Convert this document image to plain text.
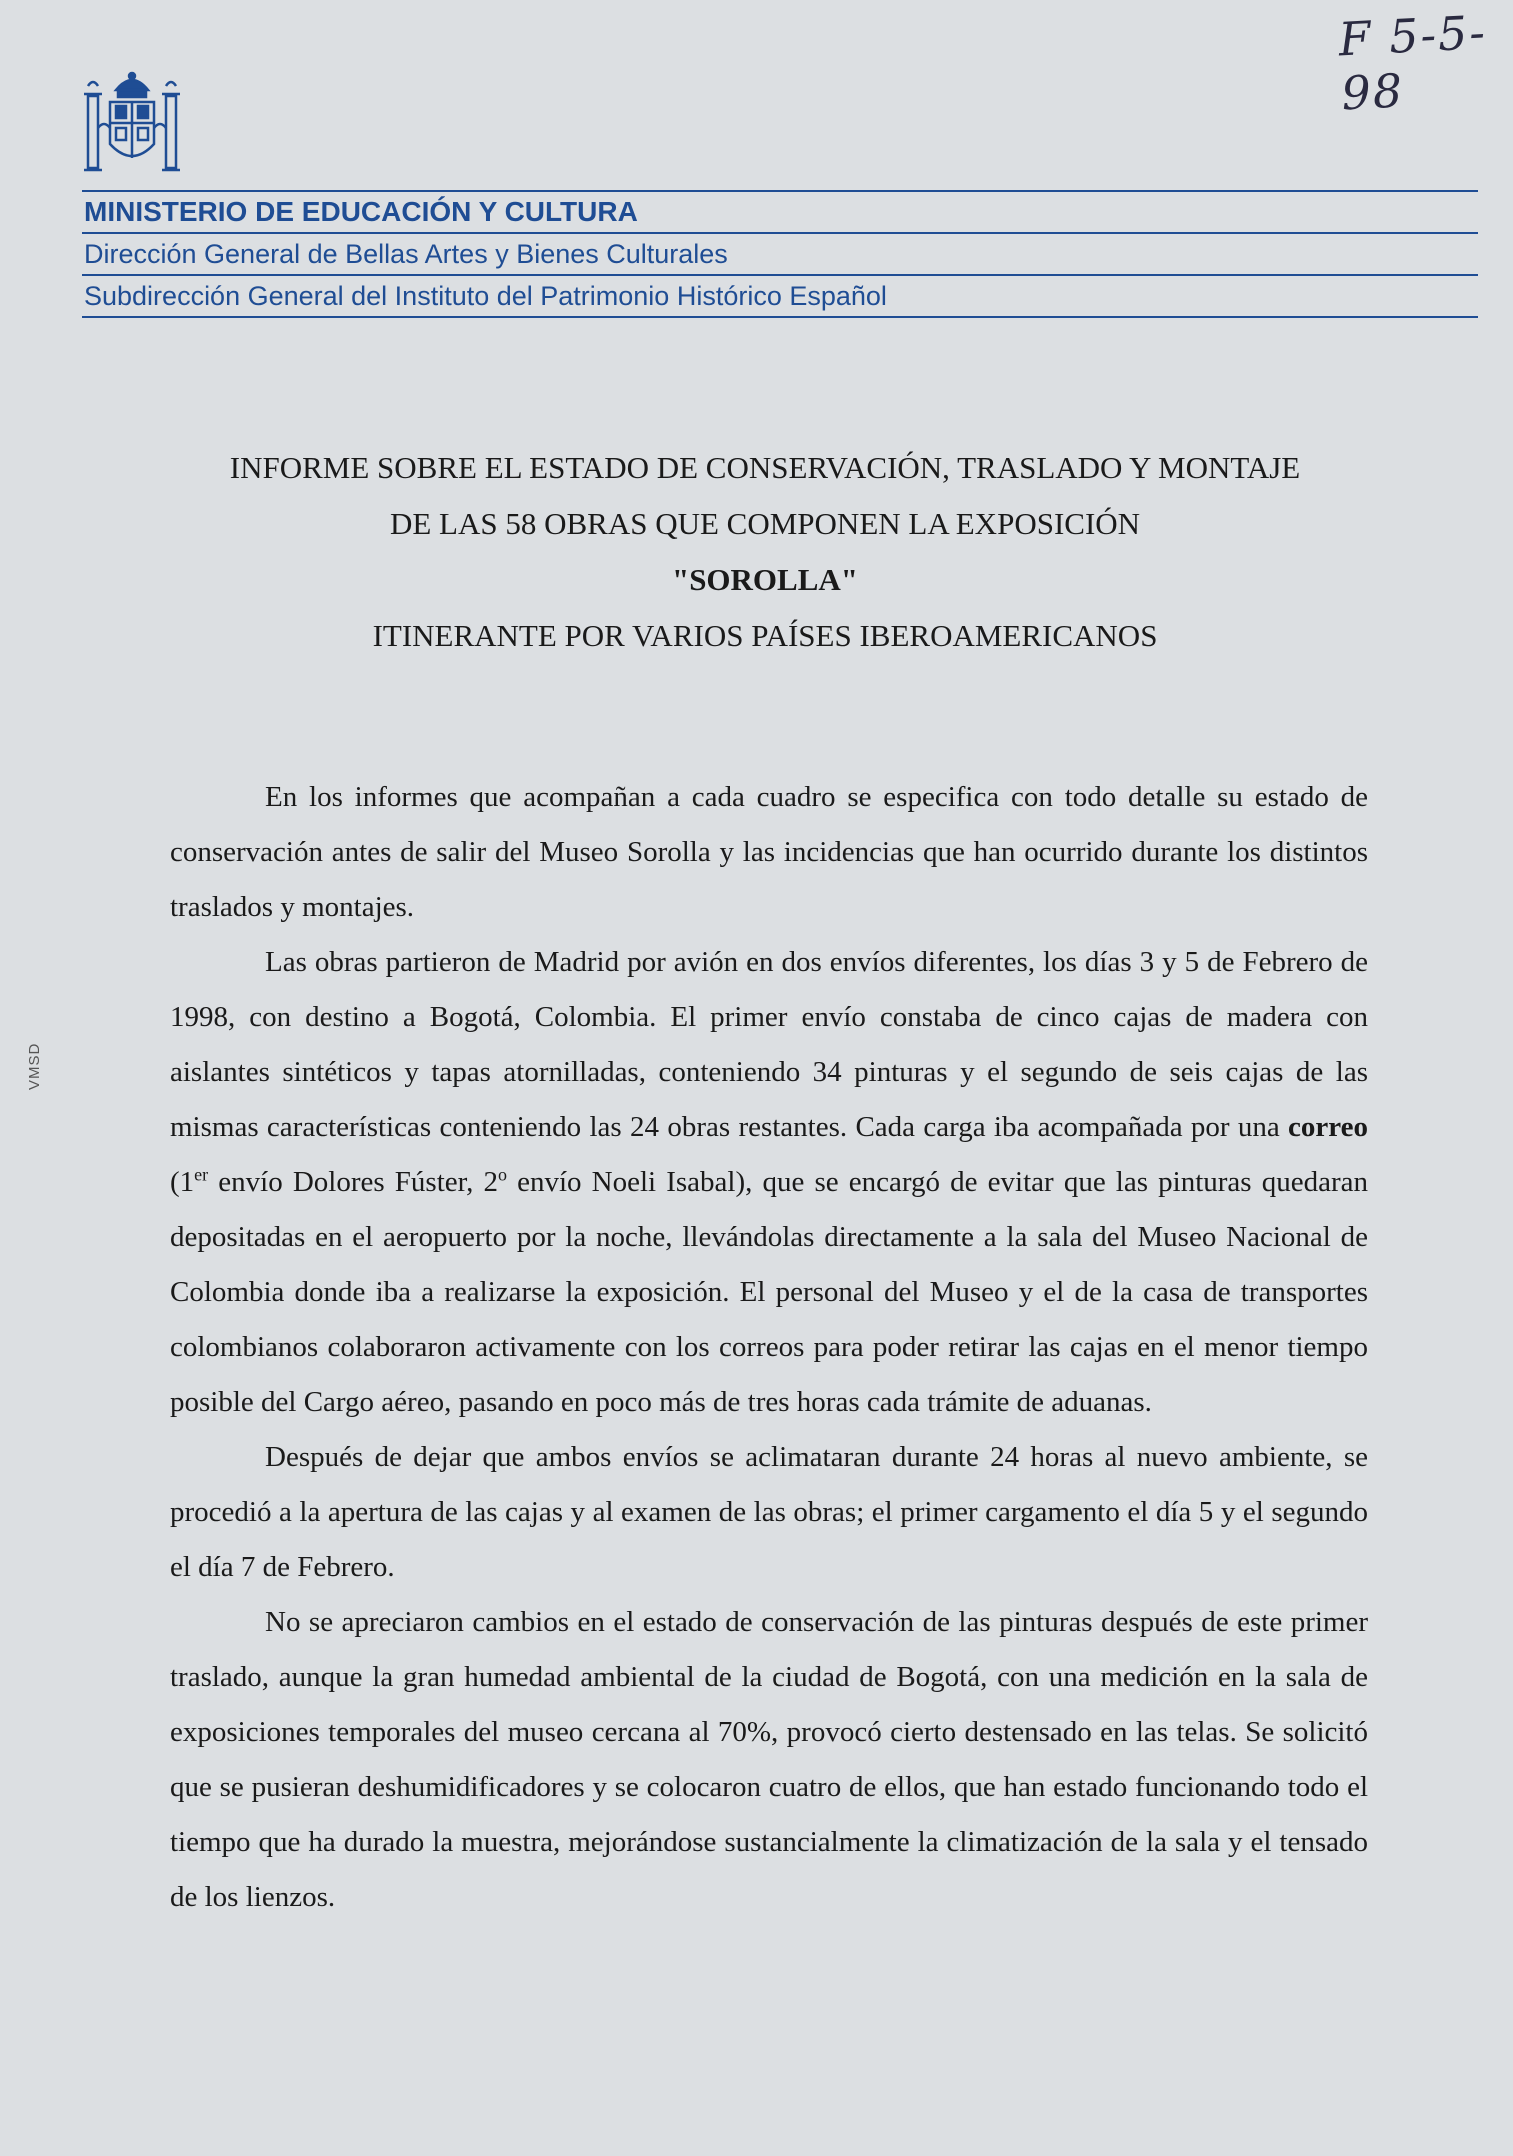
F 5-5-98
MINISTERIO DE EDUCACIÓN Y CULTURA
Dirección General de Bellas Artes y Bienes Culturales
Subdirección General del Instituto del Patrimonio Histórico Español
VMSD
INFORME SOBRE EL ESTADO DE CONSERVACIÓN, TRASLADO Y MONTAJE
DE LAS 58 OBRAS QUE COMPONEN LA EXPOSICIÓN
"SOROLLA"
ITINERANTE POR VARIOS PAÍSES IBEROAMERICANOS

En los informes que acompañan a cada cuadro se especifica con todo detalle su estado de conservación antes de salir del Museo Sorolla y las incidencias que han ocurrido durante los distintos traslados y montajes.

Las obras partieron de Madrid por avión en dos envíos diferentes, los días 3 y 5 de Febrero de 1998, con destino a Bogotá, Colombia. El primer envío constaba de cinco cajas de madera con aislantes sintéticos y tapas atornilladas, conteniendo 34 pinturas y el segundo de seis cajas de las mismas características conteniendo las 24 obras restantes. Cada carga iba acompañada por una correo (1er envío Dolores Fúster, 2$^o$ envío Noeli Isabal), que se encargó de evitar que las pinturas quedaran depositadas en el aeropuerto por la noche, llevándolas directamente a la sala del Museo Nacional de Colombia donde iba a realizarse la exposición. El personal del Museo y el de la casa de transportes colombianos colaboraron activamente con los correos para poder retirar las cajas en el menor tiempo posible del Cargo aéreo, pasando en poco más de tres horas cada trámite de aduanas.

Después de dejar que ambos envíos se aclimataran durante 24 horas al nuevo ambiente, se procedió a la apertura de las cajas y al examen de las obras; el primer cargamento el día 5 y el segundo el día 7 de Febrero.

No se apreciaron cambios en el estado de conservación de las pinturas después de este primer traslado, aunque la gran humedad ambiental de la ciudad de Bogotá, con una medición en la sala de exposiciones temporales del museo cercana al 70%, provocó cierto destensado en las telas. Se solicitó que se pusieran deshumidificadores y se colocaron cuatro de ellos, que han estado funcionando todo el tiempo que ha durado la muestra, mejorándose sustancialmente la climatización de la sala y el tensado de los lienzos.
